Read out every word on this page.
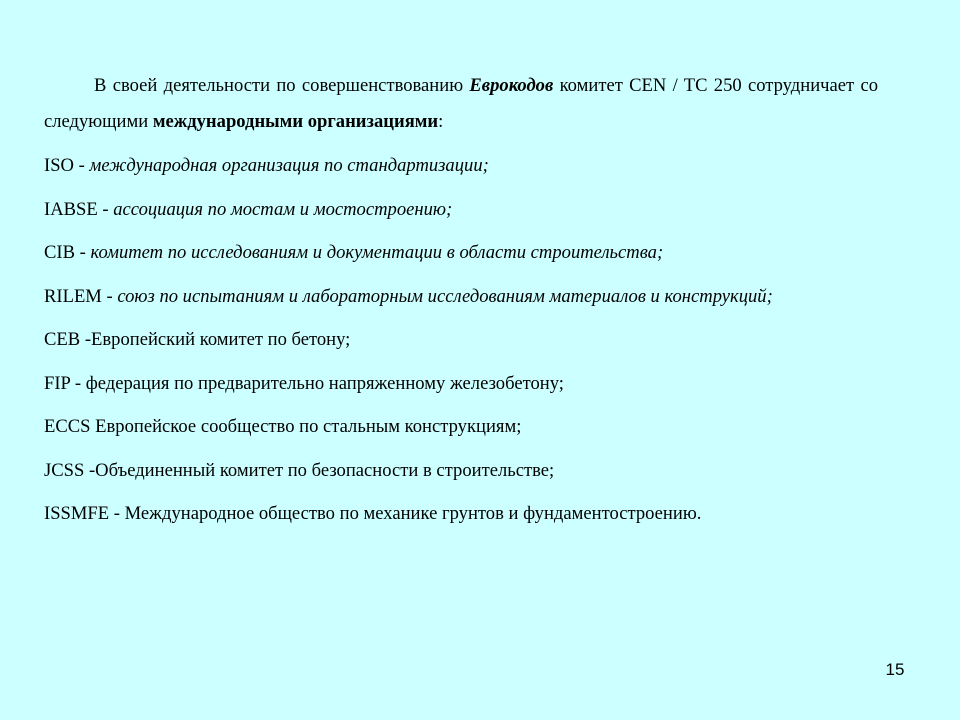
В своей деятельности по совершенствованию Еврокодов комитет CEN / TC 250 сотрудничает со следующими международными организациями:

ISO - международная организация по стандартизации;
IABSE - ассоциация по мостам и мостостроению;
CIB - комитет по исследованиям и документации в области строительства;
RILEM - союз по испытаниям и лабораторным исследованиям материалов и конструкций;
CEB -Европейский комитет по бетону;
FIP - федерация по предварительно напряженному железобетону;
ECCS Европейское сообщество по стальным конструкциям;
JCSS -Объединенный комитет по безопасности в строительстве;
ISSMFE - Международное общество по механике грунтов и фундаментостроению.
15
